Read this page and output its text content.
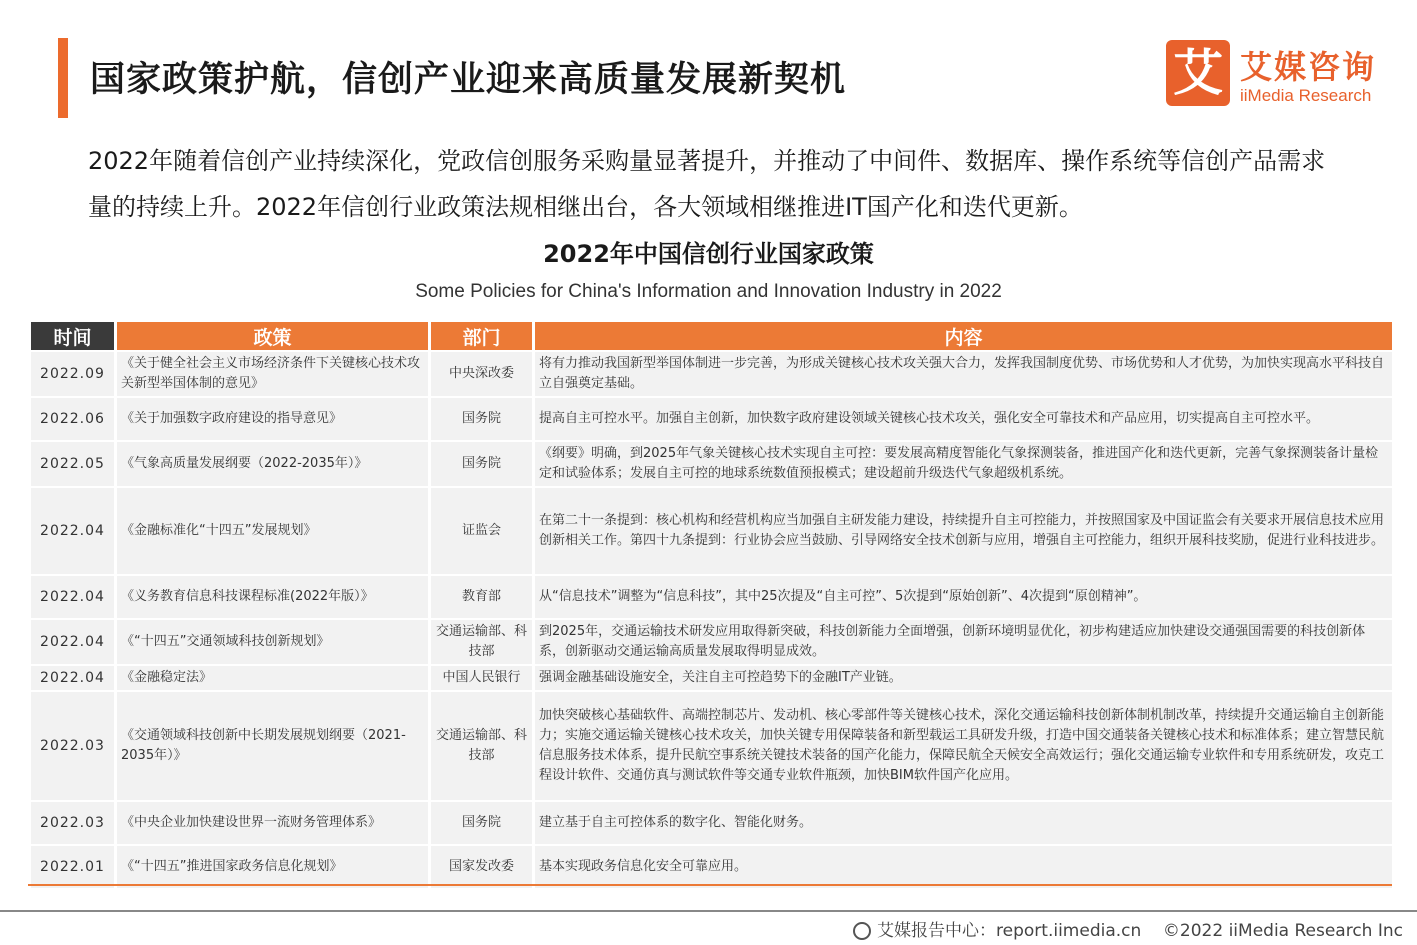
国家政策护航，信创产业迎来高质量发展新契机	艾 艾媒咨询
iiMedia Research
2022年随着信创产业持续深化，党政信创服务采购量显著提升，并推动了中间件、数据库、操作系统等信创产品需求量的持续上升。2022年信创行业政策法规相继出台，各大领域相继推进IT国产化和迭代更新。
2022年中国信创行业国家政策
Some Policies for China's Information and Innovation Industry in 2022
时间	政策	部门	内容
2022.09	《关于健全社会主义市场经济条件下关键核心技术攻关新型举国体制的意见》	中央深改委	将有力推动我国新型举国体制进一步完善，为形成关键核心技术攻关强大合力，发挥我国制度优势、市场优势和人才优势，为加快实现高水平科技自立自强奠定基础。
2022.06	《关于加强数字政府建设的指导意见》	国务院	提高自主可控水平。加强自主创新，加快数字政府建设领域关键核心技术攻关，强化安全可靠技术和产品应用，切实提高自主可控水平。
2022.05	《气象高质量发展纲要（2022-2035年）》	国务院	《纲要》明确，到2025年气象关键核心技术实现自主可控：要发展高精度智能化气象探测装备，推进国产化和迭代更新，完善气象探测装备计量检定和试验体系；发展自主可控的地球系统数值预报模式；建设超前升级迭代气象超级机系统。
2022.04	《金融标准化“十四五”发展规划》	证监会	在第二十一条提到：核心机构和经营机构应当加强自主研发能力建设，持续提升自主可控能力，并按照国家及中国证监会有关要求开展信息技术应用创新相关工作。第四十九条提到：行业协会应当鼓励、引导网络安全技术创新与应用，增强自主可控能力，组织开展科技奖励，促进行业科技进步。
2022.04	《义务教育信息科技课程标准(2022年版）》	教育部	从“信息技术”调整为“信息科技”，其中25次提及“自主可控”、5次提到“原始创新”、4次提到“原创精神”。
2022.04	《“十四五”交通领域科技创新规划》	交通运输部、科技部	到2025年，交通运输技术研发应用取得新突破，科技创新能力全面增强，创新环境明显优化，初步构建适应加快建设交通强国需要的科技创新体系，创新驱动交通运输高质量发展取得明显成效。
2022.04	《金融稳定法》	中国人民银行	强调金融基础设施安全，关注自主可控趋势下的金融IT产业链。
2022.03	《交通领域科技创新中长期发展规划纲要（2021-2035年）》	交通运输部、科技部	加快突破核心基础软件、高端控制芯片、发动机、核心零部件等关键核心技术，深化交通运输科技创新体制机制改革，持续提升交通运输自主创新能力；实施交通运输关键核心技术攻关，加快关键专用保障装备和新型载运工具研发升级，打造中国交通装备关键核心技术和标准体系；建立智慧民航信息服务技术体系，提升民航空事系统关键技术装备的国产化能力，保障民航全天候安全高效运行；强化交通运输专业软件和专用系统研发，攻克工程设计软件、交通仿真与测试软件等交通专业软件瓶颈，加快BIM软件国产化应用。
2022.03	《中央企业加快建设世界一流财务管理体系》	国务院	建立基于自主可控体系的数字化、智能化财务。
2022.01	《“十四五”推进国家政务信息化规划》	国家发改委	基本实现政务信息化安全可靠应用。
艾媒报告中心：report.iimedia.cn ©2022 iiMedia Research Inc
